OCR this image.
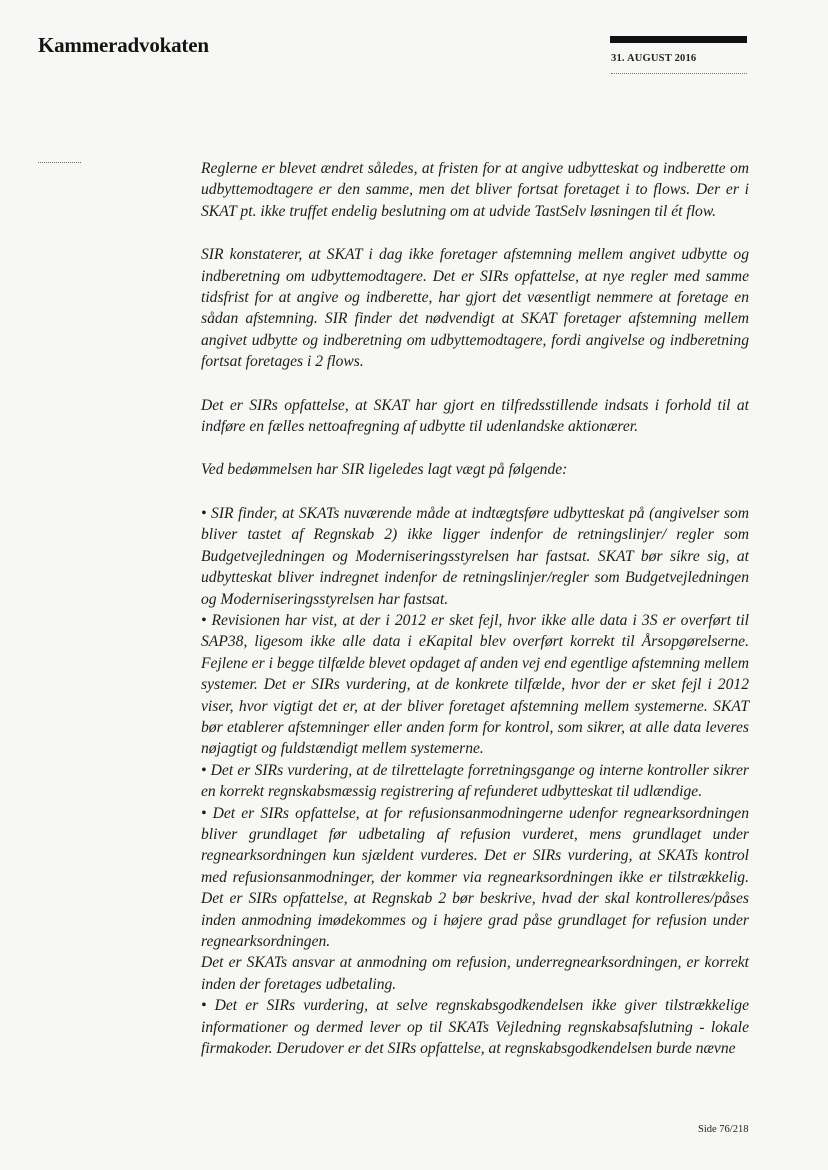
Kammeradvokaten
31. AUGUST 2016

Reglerne er blevet ændret således, at fristen for at angive udbytteskat og indberette om udbyttemodtagere er den samme, men det bliver fortsat foretaget i to flows. Der er i SKAT pt. ikke truffet endelig beslutning om at udvide TastSelv løsningen til ét flow.

SIR konstaterer, at SKAT i dag ikke foretager afstemning mellem angivet udbytte og indberetning om udbyttemodtagere. Det er SIRs opfattelse, at nye regler med samme tidsfrist for at angive og indberette, har gjort det væsentligt nemmere at foretage en sådan afstemning. SIR finder det nødvendigt at SKAT foretager afstemning mellem angivet udbytte og indberetning om udbyttemodtagere, fordi angivelse og indberetning fortsat foretages i 2 flows.

Det er SIRs opfattelse, at SKAT har gjort en tilfredsstillende indsats i forhold til at indføre en fælles nettoafregning af udbytte til udenlandske aktionærer.

Ved bedømmelsen har SIR ligeledes lagt vægt på følgende:

• SIR finder, at SKATs nuværende måde at indtægtsføre udbytteskat på (angivelser som bliver tastet af Regnskab 2) ikke ligger indenfor de retningslinjer/ regler som Budgetvejledningen og Moderniseringsstyrelsen har fastsat. SKAT bør sikre sig, at udbytteskat bliver indregnet indenfor de retningslinjer/regler som Budgetvejledningen og Moderniseringsstyrelsen har fastsat.

• Revisionen har vist, at der i 2012 er sket fejl, hvor ikke alle data i 3S er overført til SAP38, ligesom ikke alle data i eKapital blev overført korrekt til Årsopgørelserne. Fejlene er i begge tilfælde blevet opdaget af anden vej end egentlige afstemning mellem systemer. Det er SIRs vurdering, at de konkrete tilfælde, hvor der er sket fejl i 2012 viser, hvor vigtigt det er, at der bliver foretaget afstemning mellem systemerne. SKAT bør etablerer afstemninger eller anden form for kontrol, som sikrer, at alle data leveres nøjagtigt og fuldstændigt mellem systemerne.

• Det er SIRs vurdering, at de tilrettelagte forretningsgange og interne kontroller sikrer en korrekt regnskabsmæssig registrering af refunderet udbytteskat til udlændige.

• Det er SIRs opfattelse, at for refusionsanmodningerne udenfor regnearksordningen bliver grundlaget før udbetaling af refusion vurderet, mens grundlaget under regnearksordningen kun sjældent vurderes. Det er SIRs vurdering, at SKATs kontrol med refusionsanmodninger, der kommer via regnearksordningen ikke er tilstrækkelig. Det er SIRs opfattelse, at Regnskab 2 bør beskrive, hvad der skal kontrolleres/påses inden anmodning imødekommes og i højere grad påse grundlaget for refusion under regnearksordningen.

Det er SKATs ansvar at anmodning om refusion, underregnearksordningen, er korrekt inden der foretages udbetaling.

• Det er SIRs vurdering, at selve regnskabsgodkendelsen ikke giver tilstrækkelige informationer og dermed lever op til SKATs Vejledning regnskabsafslutning - lokale firmakoder. Derudover er det SIRs opfattelse, at regnskabsgodkendelsen burde nævne

Side 76/218
